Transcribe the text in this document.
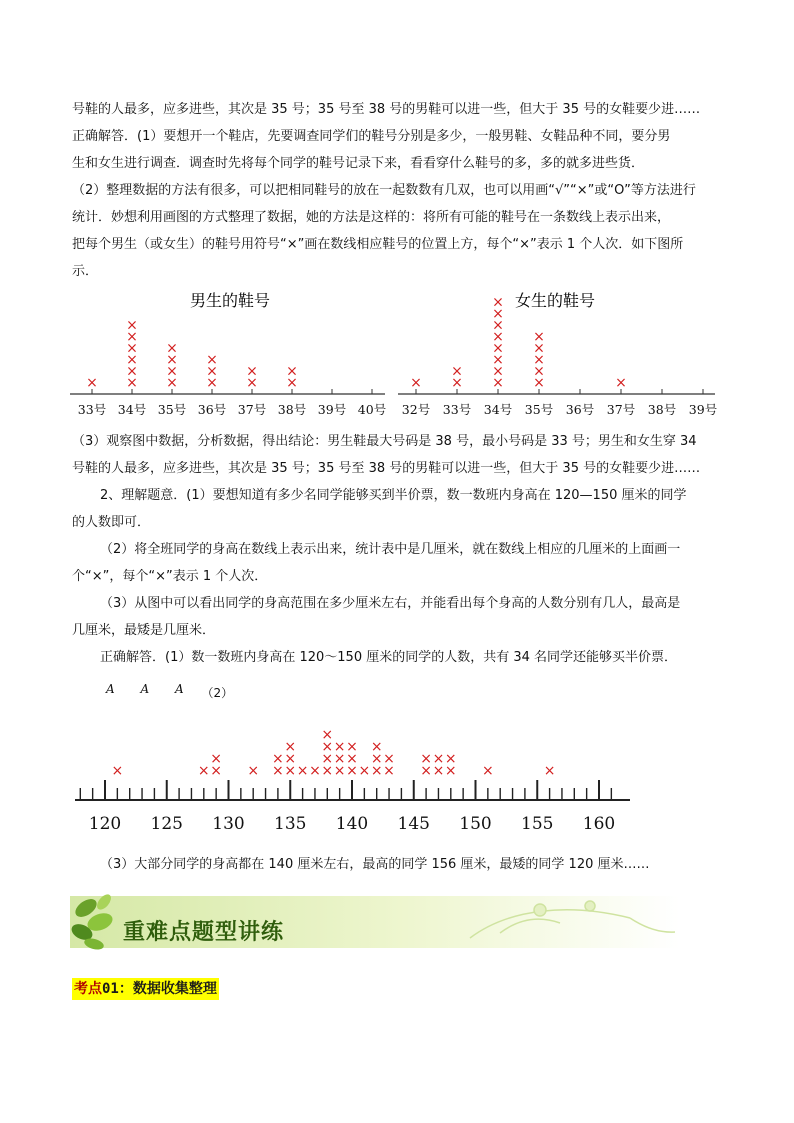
号鞋的人最多，应多进些，其次是 35 号；35 号至 38 号的男鞋可以进一些，但大于 35 号的女鞋要少进……
正确解答．(1）要想开一个鞋店，先要调查同学们的鞋号分别是多少，一般男鞋、女鞋品种不同，要分男
生和女生进行调查．调查时先将每个同学的鞋号记录下来，看看穿什么鞋号的多，多的就多进些货．
（2）整理数据的方法有很多，可以把相同鞋号的放在一起数数有几双，也可以用画“√”“×”或“O”等方法进行
统计．妙想利用画图的方式整理了数据，她的方法是这样的：将所有可能的鞋号在一条数线上表示出来，
把每个男生（或女生）的鞋号用符号“×”画在数线相应鞋号的位置上方，每个“×”表示 1 个人次．如下图所
示．
男生的鞋号	女生的鞋号
33号
×
34号
×
×
×
×
×
×
35号
×
×
×
×
36号
×
×
×
37号
×
×
38号
×
×
39号 40号 32号
×
33号
×
×
34号
×
×
×
×
×
×
×
×
35号
×
×
×
×
×
36号 37号
×
38号 39号
（3）观察图中数据，分析数据，得出结论：男生鞋最大号码是 38 号，最小号码是 33 号；男生和女生穿 34
号鞋的人最多，应多进些，其次是 35 号；35 号至 38 号的男鞋可以进一些，但大于 35 号的女鞋要少进……
2、理解题意．(1）要想知道有多少名同学能够买到半价票，数一数班内身高在 120—150 厘米的同学
的人数即可．
（2）将全班同学的身高在数线上表示出来，统计表中是几厘米，就在数线上相应的几厘米的上面画一
个“×”，每个“×”表示 1 个人次．
（3）从图中可以看出同学的身高范围在多少厘米左右，并能看出每个身高的人数分别有几人，最高是
几厘米，最矮是几厘米．
正确解答．(1）数一数班内身高在 120～150 厘米的同学的人数，共有 34 名同学还能够买半价票．
A A A （2）
120 125 130 135 140 145 150 155 160
×	× ×
×
× ×
×
×
×
×
× × ×
×
×
×
×
×
×
×
×
×
× ×
×
×
×
×
×
×
×
×
×
×
×	×
（3）大部分同学的身高都在 140 厘米左右，最高的同学 156 厘米，最矮的同学 120 厘米……
重难点题型讲练
考点01：数据收集整理
